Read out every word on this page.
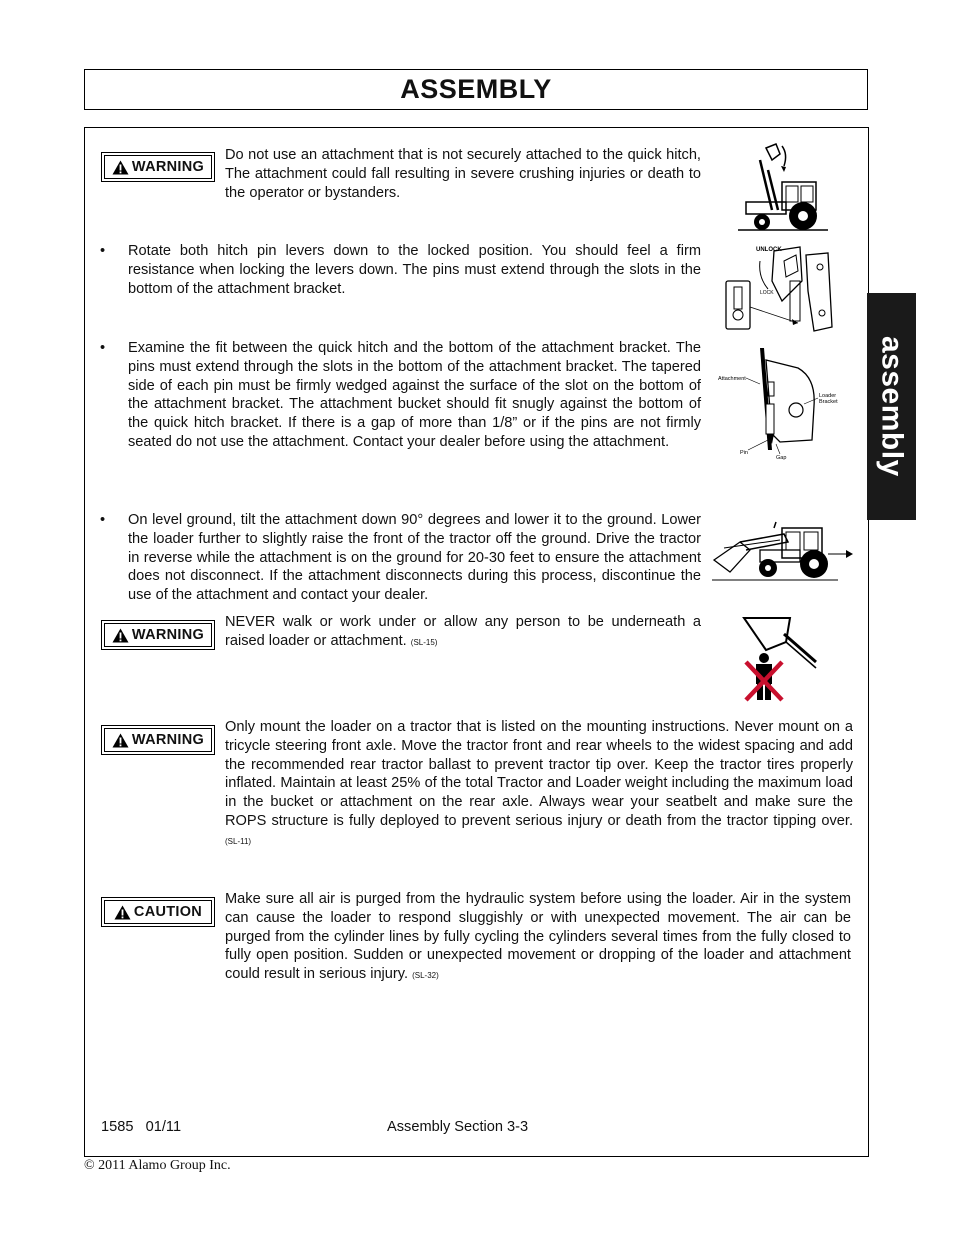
ASSEMBLY
assembly
WARNING

Do not use an attachment that is not securely attached to the quick hitch, The attachment could fall resulting in severe crushing injuries or death to the operator or bystanders.

• Rotate both hitch pin levers down to the locked position. You should feel a firm resistance when locking the levers down. The pins must extend through the slots in the bottom of the attachment bracket.

UNLOCK
LOCK
• Examine the fit between the quick hitch and the bottom of the attachment bracket. The pins must extend through the slots in the bottom of the attachment bracket. The tapered side of each pin must be firmly wedged against the surface of the slot on the bottom of the attachment bracket. The attachment bucket should fit snugly against the bottom of the quick hitch bracket. If there is a gap of more than 1/8” or if the pins are not firmly seated do not use the attachment. Contact your dealer before using the attachment.

Attachment
Loader
Bracket
Pin
Gap
• On level ground, tilt the attachment down 90° degrees and lower it to the ground. Lower the loader further to slightly raise the front of the tractor off the ground. Drive the tractor in reverse while the attachment is on the ground for 20-30 feet to ensure the attachment does not disconnect. If the attachment disconnects during this process, discontinue the use of the attachment and contact your dealer.

WARNING

NEVER walk or work under or allow any person to be underneath a raised loader or attachment. (SL-15)

WARNING

Only mount the loader on a tractor that is listed on the mounting instructions. Never mount on a tricycle steering front axle. Move the tractor front and rear wheels to the widest spacing and add the recommended rear tractor ballast to prevent tractor tip over. Keep the tractor tires properly inflated. Maintain at least 25% of the total Tractor and Loader weight including the maximum load in the bucket or attachment on the rear axle. Always wear your seatbelt and make sure the ROPS structure is fully deployed to prevent serious injury or death from the tractor tipping over. (SL-11)

CAUTION

Make sure all air is purged from the hydraulic system before using the loader. Air in the system can cause the loader to respond sluggishly or with unexpected movement. The air can be purged from the cylinder lines by fully cycling the cylinders several times from the fully closed to fully open position. Sudden or unexpected movement or dropping of the loader and attachment could result in serious injury. (SL-32)

1585   01/11	Assembly Section 3-3
© 2011 Alamo Group Inc.
